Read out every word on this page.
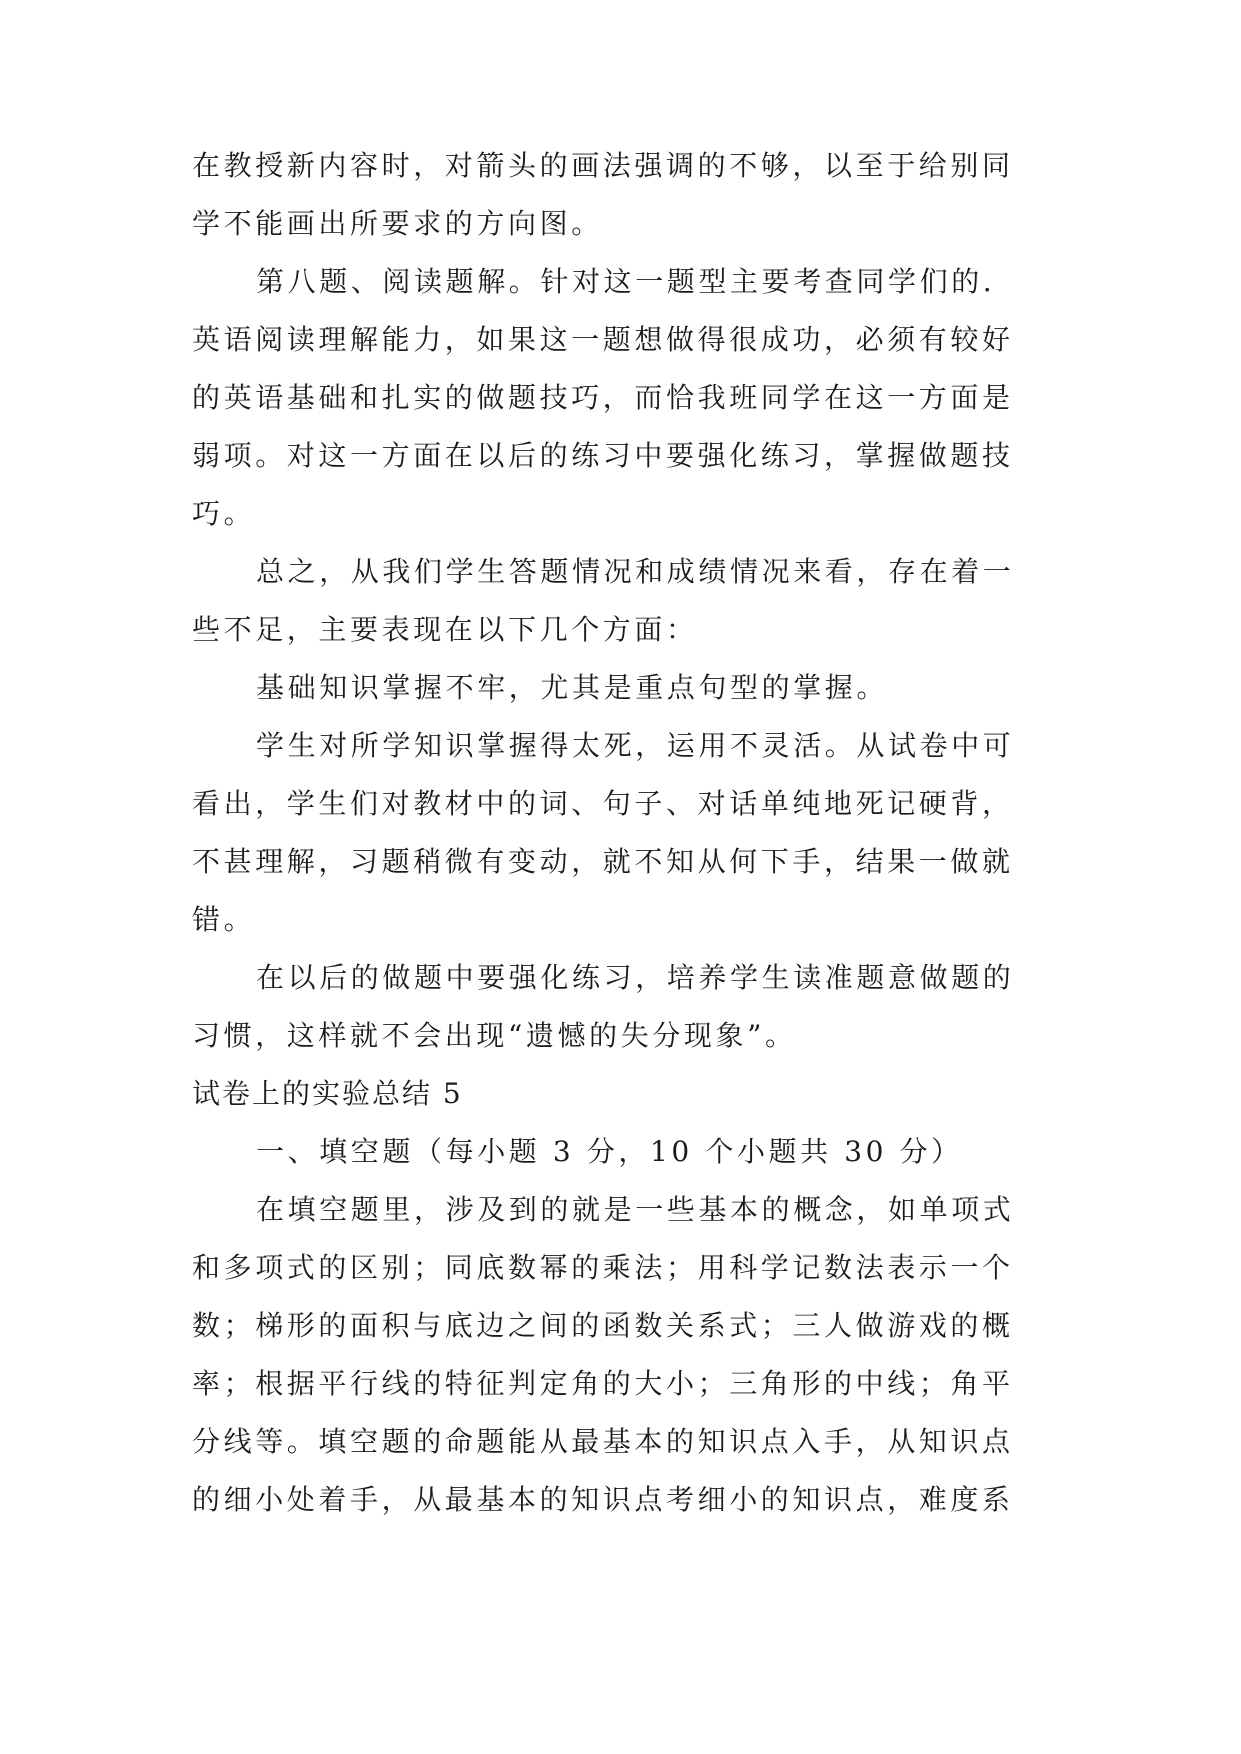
在教授新内容时，对箭头的画法强调的不够，以至于给别同
学不能画出所要求的方向图。
第八题、阅读题解。针对这一题型主要考查同学们的.
英语阅读理解能力，如果这一题想做得很成功，必须有较好
的英语基础和扎实的做题技巧，而恰我班同学在这一方面是
弱项。对这一方面在以后的练习中要强化练习，掌握做题技
巧。
总之，从我们学生答题情况和成绩情况来看，存在着一
些不足，主要表现在以下几个方面：
基础知识掌握不牢，尤其是重点句型的掌握。
学生对所学知识掌握得太死，运用不灵活。从试卷中可
看出，学生们对教材中的词、句子、对话单纯地死记硬背，
不甚理解，习题稍微有变动，就不知从何下手，结果一做就
错。
在以后的做题中要强化练习，培养学生读准题意做题的
习惯，这样就不会出现“遗憾的失分现象”。
试卷上的实验总结 5
一、填空题（每小题 3 分，10 个小题共 30 分）
在填空题里，涉及到的就是一些基本的概念，如单项式
和多项式的区别；同底数幂的乘法；用科学记数法表示一个
数；梯形的面积与底边之间的函数关系式；三人做游戏的概
率；根据平行线的特征判定角的大小；三角形的中线；角平
分线等。填空题的命题能从最基本的知识点入手，从知识点
的细小处着手，从最基本的知识点考细小的知识点，难度系
